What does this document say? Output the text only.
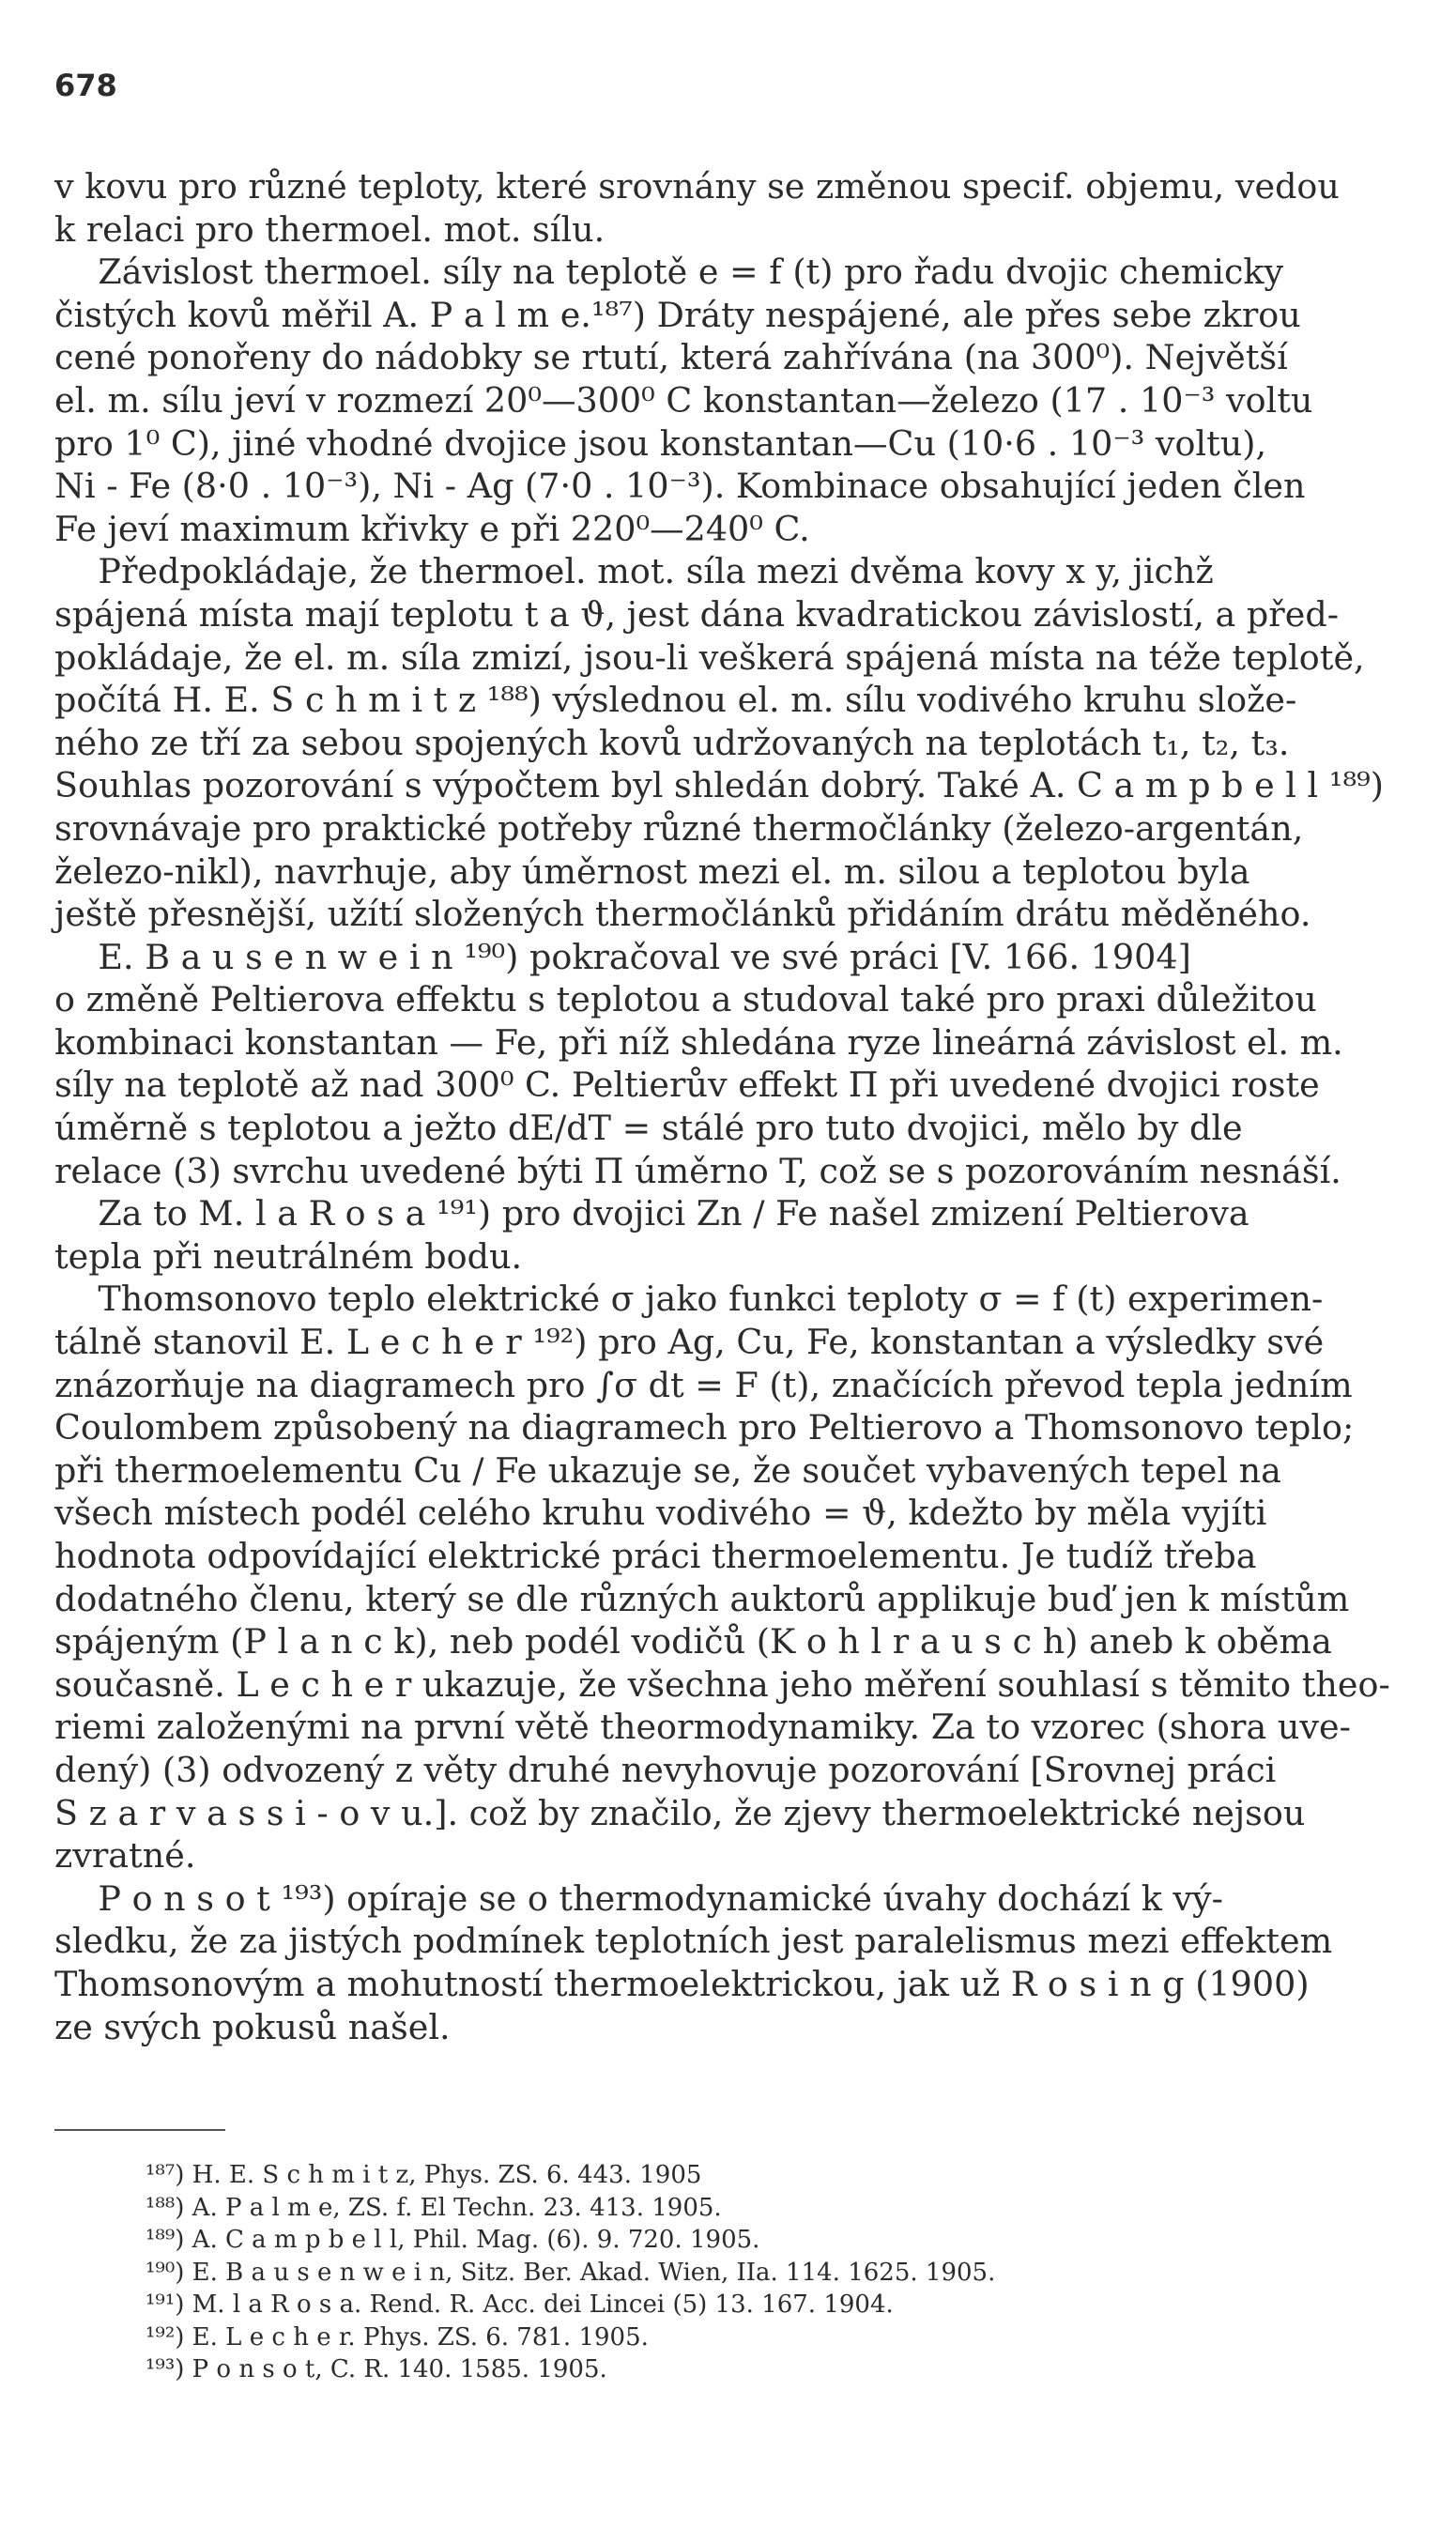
678
v kovu pro různé teploty, které srovnány se změnou specif. objemu, vedou
k relaci pro thermoel. mot. sílu.
Závislost thermoel. síly na teplotě e = f (t) pro řadu dvojic chemicky
čistých kovů měřil A. P a l m e.¹⁸⁷) Dráty nespájené, ale přes sebe zkrou
cené ponořeny do nádobky se rtutí, která zahřívána (na 300⁰). Největší
el. m. sílu jeví v rozmezí 20⁰—300⁰ C konstantan—železo (17 . 10⁻³ voltu
pro 1⁰ C), jiné vhodné dvojice jsou konstantan—Cu (10·6 . 10⁻³ voltu),
Ni - Fe (8·0 . 10⁻³), Ni - Ag (7·0 . 10⁻³). Kombinace obsahující jeden člen
Fe jeví maximum křivky e při 220⁰—240⁰ C.
Předpokládaje, že thermoel. mot. síla mezi dvěma kovy x y, jichž
spájená místa mají teplotu t a ϑ, jest dána kvadratickou závislostí, a před-
pokládaje, že el. m. síla zmizí, jsou-li veškerá spájená místa na téže teplotě,
počítá H. E. S c h m i t z ¹⁸⁸) výslednou el. m. sílu vodivého kruhu slože-
ného ze tří za sebou spojených kovů udržovaných na teplotách t₁, t₂, t₃.
Souhlas pozorování s výpočtem byl shledán dobrý. Také A. C a m p b e l l ¹⁸⁹)
srovnávaje pro praktické potřeby různé thermočlánky (železo-argentán,
železo-nikl), navrhuje, aby úměrnost mezi el. m. silou a teplotou byla
ještě přesnější, užítí složených thermočlánků přidáním drátu měděného.
E. B a u s e n w e i n ¹⁹⁰) pokračoval ve své práci [V. 166. 1904]
o změně Peltierova effektu s teplotou a studoval také pro praxi důležitou
kombinaci konstantan — Fe, při níž shledána ryze lineárná závislost el. m.
síly na teplotě až nad 300⁰ C. Peltierův effekt Π při uvedené dvojici roste
úměrně s teplotou a ježto dE/dT = stálé pro tuto dvojici, mělo by dle
relace (3) svrchu uvedené býti Π úměrno T, což se s pozorováním nesnáší.
Za to M. l a R o s a ¹⁹¹) pro dvojici Zn / Fe našel zmizení Peltierova
tepla při neutrálném bodu.
Thomsonovo teplo elektrické σ jako funkci teploty σ = f (t) experimen-
tálně stanovil E. L e c h e r ¹⁹²) pro Ag, Cu, Fe, konstantan a výsledky své
znázorňuje na diagramech pro ∫σ dt = F (t), značících převod tepla jedním
Coulombem způsobený na diagramech pro Peltierovo a Thomsonovo teplo;
při thermoelementu Cu / Fe ukazuje se, že součet vybavených tepel na
všech místech podél celého kruhu vodivého = ϑ, kdežto by měla vyjíti
hodnota odpovídající elektrické práci thermoelementu. Je tudíž třeba
dodatného členu, který se dle různých auktorů applikuje buď jen k místům
spájeným (P l a n c k), neb podél vodičů (K o h l r a u s c h) aneb k oběma
současně. L e c h e r ukazuje, že všechna jeho měření souhlasí s těmito theo-
riemi založenými na první větě theormodynamiky. Za to vzorec (shora uve-
dený) (3) odvozený z věty druhé nevyhovuje pozorování [Srovnej práci
S z a r v a s s i - o v u.]. což by značilo, že zjevy thermoelektrické nejsou
zvratné.
P o n s o t ¹⁹³) opíraje se o thermodynamické úvahy dochází k vý-
sledku, že za jistých podmínek teplotních jest paralelismus mezi effektem
Thomsonovým a mohutností thermoelektrickou, jak už R o s i n g (1900)
ze svých pokusů našel.
¹⁸⁷) H. E. S c h m i t z, Phys. ZS. 6. 443. 1905
¹⁸⁸) A. P a l m e, ZS. f. El Techn. 23. 413. 1905.
¹⁸⁹) A. C a m p b e l l, Phil. Mag. (6). 9. 720. 1905.
¹⁹⁰) E. B a u s e n w e i n, Sitz. Ber. Akad. Wien, IIa. 114. 1625. 1905.
¹⁹¹) M. l a R o s a. Rend. R. Acc. dei Lincei (5) 13. 167. 1904.
¹⁹²) E. L e c h e r. Phys. ZS. 6. 781. 1905.
¹⁹³) P o n s o t, C. R. 140. 1585. 1905.
